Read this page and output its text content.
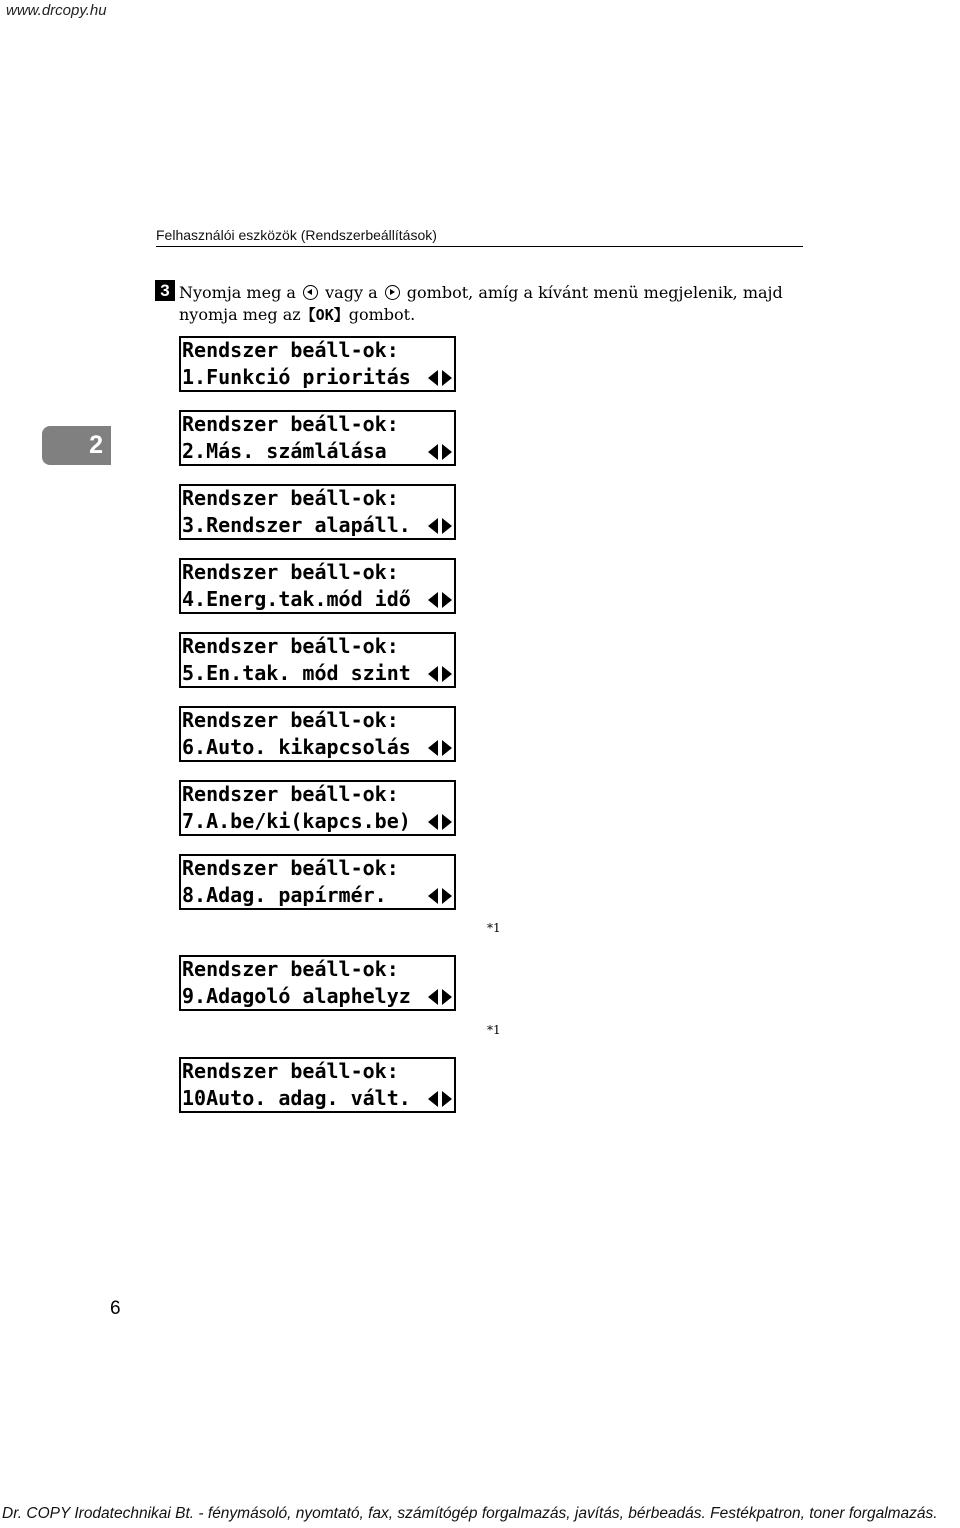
www.drcopy.hu
Felhasználói eszközök (Rendszerbeállítások)
3 Nyomja meg a vagy a gombot, amíg a kívánt menü megjelenik, majd
nyomja meg az【OK】gombot.
2
Rendszer beáll-ok:
1.Funkció prioritás
Rendszer beáll-ok:
2.Más. számlálása
Rendszer beáll-ok:
3.Rendszer alapáll.
Rendszer beáll-ok:
4.Energ.tak.mód idő
Rendszer beáll-ok:
5.En.tak. mód szint
Rendszer beáll-ok:
6.Auto. kikapcsolás
Rendszer beáll-ok:
7.A.be/ki(kapcs.be)
Rendszer beáll-ok:
8.Adag. papírmér.
*1
Rendszer beáll-ok:
9.Adagoló alaphelyz
*1
Rendszer beáll-ok:
10Auto. adag. vált.
6
Dr. COPY Irodatechnikai Bt. - fénymásoló, nyomtató, fax, számítógép forgalmazás, javítás, bérbeadás. Festékpatron, toner forgalmazás.
